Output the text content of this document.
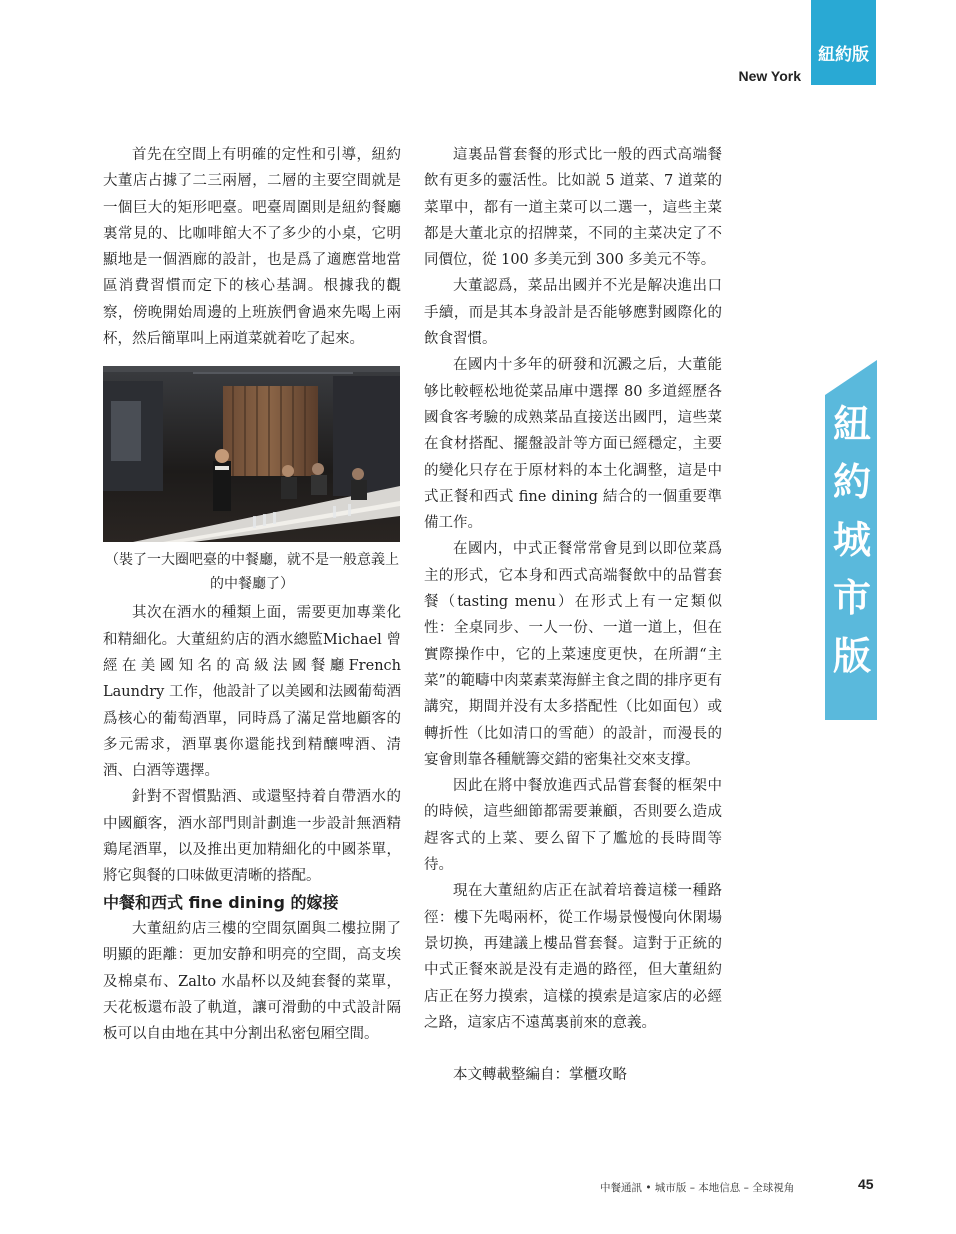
紐約版
New York
紐
約
城
市
版

首先在空間上有明確的定性和引導，紐約大董店占據了二三兩層，二層的主要空間就是一個巨大的矩形吧臺。吧臺周圍則是紐約餐廳裏常見的、比咖啡館大不了多少的小桌，它明顯地是一個酒廊的設計，也是爲了適應當地當區消費習慣而定下的核心基調。根據我的觀察，傍晚開始周邊的上班族們會過來先喝上兩杯，然后簡單叫上兩道菜就着吃了起來。

（裝了一大圈吧臺的中餐廳，就不是一般意義上的中餐廳了）

其次在酒水的種類上面，需要更加專業化和精細化。大董紐約店的酒水總監Michael 曾經在美國知名的高級法國餐廳French Laundry 工作，他設計了以美國和法國葡萄酒爲核心的葡萄酒單，同時爲了滿足當地顧客的多元需求，酒單裏你還能找到精釀啤酒、清酒、白酒等選擇。

針對不習慣點酒、或還堅持着自帶酒水的中國顧客，酒水部門則計劃進一步設計無酒精鶏尾酒單，以及推出更加精細化的中國茶單，將它與餐的口味做更清晰的搭配。

中餐和西式 fine dining 的嫁接

大董紐約店三樓的空間氛圍與二樓拉開了明顯的距離：更加安静和明亮的空間，高支埃及棉桌布、Zalto 水晶杯以及純套餐的菜單，天花板還布設了軌道，讓可滑動的中式設計隔板可以自由地在其中分割出私密包厢空間。

這裏品嘗套餐的形式比一般的西式高端餐飲有更多的靈活性。比如説 5 道菜、7 道菜的菜單中，都有一道主菜可以二選一，這些主菜都是大董北京的招牌菜，不同的主菜决定了不同價位，從 100 多美元到 300 多美元不等。

大董認爲，菜品出國并不光是解决進出口手續，而是其本身設計是否能够應對國際化的飲食習慣。

在國内十多年的研發和沉澱之后，大董能够比較輕松地從菜品庫中選擇 80 多道經歷各國食客考驗的成熟菜品直接送出國門，這些菜在食材搭配、擺盤設計等方面已經穩定，主要的變化只存在于原材料的本土化調整，這是中式正餐和西式 fine dining 結合的一個重要準備工作。

在國内，中式正餐常常會見到以即位菜爲主的形式，它本身和西式高端餐飲中的品嘗套餐（tasting menu）在形式上有一定類似性：全桌同步、一人一份、一道一道上，但在實際操作中，它的上菜速度更快，在所謂“主菜”的範疇中肉菜素菜海鮮主食之間的排序更有講究，期間并没有太多搭配性（比如面包）或轉折性（比如清口的雪葩）的設計，而漫長的宴會則靠各種觥籌交錯的密集社交來支撑。

因此在將中餐放進西式品嘗套餐的框架中的時候，這些細節都需要兼顧，否則要么造成趕客式的上菜、要么留下了尷尬的長時間等待。

現在大董紐約店正在試着培養這樣一種路徑：樓下先喝兩杯，從工作場景慢慢向休閑場景切换，再建議上樓品嘗套餐。這對于正統的中式正餐來説是没有走過的路徑，但大董紐約店正在努力摸索，這樣的摸索是這家店的必經之路，這家店不遠萬裏前來的意義。

本文轉載整編自：掌櫃攻略

中餐通訊 • 城市版 – 本地信息 – 全球視角	45
